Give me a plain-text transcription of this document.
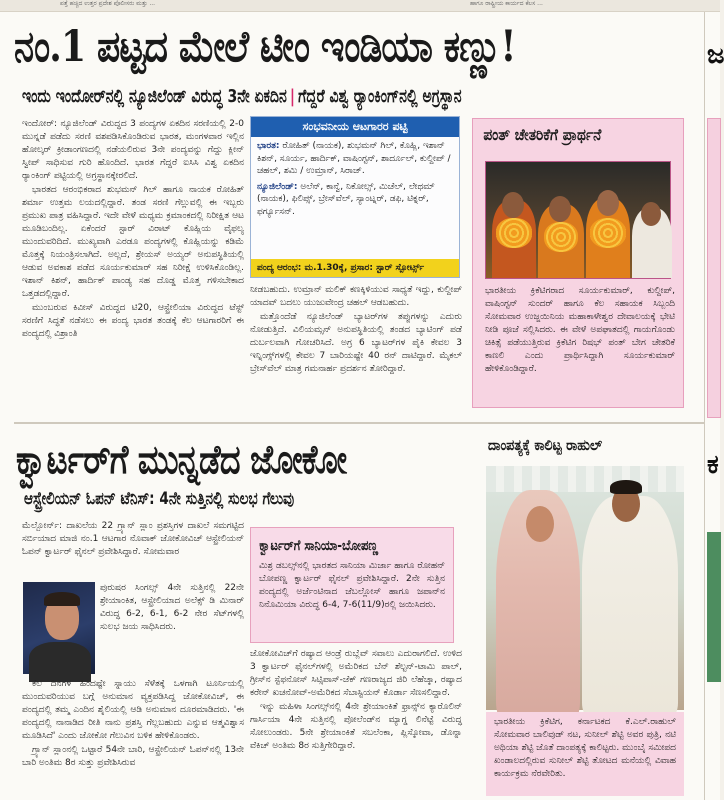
ಪತ್ತೆ ಹಚ್ಚಿದ ಉತ್ತರ ಪ್ರದೇಶ ಪೊಲೀಸರು ಮತ್ತು ...	ಹಾಗೂ ರಾಷ್ಟ್ರೀಯ ಕಾರ್ಯದ ಕೆಲಸ ...
ನಂ.1 ಪಟ್ಟದ ಮೇಲೆ ಟೀಂ ಇಂಡಿಯಾ ಕಣ್ಣು!
ಇಂದು ಇಂದೋರ್‌ನಲ್ಲಿ ನ್ಯೂಜಿಲೆಂಡ್ ವಿರುದ್ಧ 3ನೇ ಏಕದಿನ | ಗೆದ್ದರೆ ವಿಶ್ವ ರ‍್ಯಾಂಕಿಂಗ್‌ನಲ್ಲಿ ಅಗ್ರಸ್ಥಾನ

ಇಂದೋರ್: ನ್ಯೂಜಿಲೆಂಡ್ ವಿರುದ್ಧದ 3 ಪಂದ್ಯಗಳ ಏಕದಿನ ಸರಣಿಯಲ್ಲಿ 2-0 ಮುನ್ನಡೆ ಪಡೆದು ಸರಣಿ ವಶಪಡಿಸಿಕೊಂಡಿರುವ ಭಾರತ, ಮಂಗಳವಾರ ಇಲ್ಲಿನ ಹೋಲ್ಕರ್ ಕ್ರೀಡಾಂಗಣದಲ್ಲಿ ನಡೆಯಲಿರುವ 3ನೇ ಪಂದ್ಯವನ್ನು ಗೆದ್ದು ಕ್ಲೀನ್ ಸ್ವೀಪ್ ಸಾಧಿಸುವ ಗುರಿ ಹೊಂದಿದೆ. ಭಾರತ ಗೆದ್ದರೆ ಐಸಿಸಿ ವಿಶ್ವ ಏಕದಿನ ರ‍್ಯಾಂಕಿಂಗ್ ಪಟ್ಟಿಯಲ್ಲಿ ಅಗ್ರಸ್ಥಾನಕ್ಕೇರಲಿದೆ.

ಭಾರತದ ಆರಂಭಿಕರಾದ ಶುಭಮನ್ ಗಿಲ್ ಹಾಗೂ ನಾಯಕ ರೋಹಿತ್ ಶರ್ಮಾ ಉತ್ತಮ ಲಯದಲ್ಲಿದ್ದಾರೆ. ತಂಡ ಸರಣಿ ಗೆಲ್ಲುವಲ್ಲಿ ಈ ಇಬ್ಬರು ಪ್ರಮುಖ ಪಾತ್ರ ವಹಿಸಿದ್ದಾರೆ. ಇದೇ ವೇಳೆ ಮಧ್ಯಮ ಕ್ರಮಾಂಕದಲ್ಲಿ ನಿರೀಕ್ಷಿತ ಆಟ ಮೂಡಿಬಂದಿಲ್ಲ. ಏಕೆಂದರೆ ಸ್ಟಾರ್ ವಿರಾಟ್ ಕೊಹ್ಲಿಯ ವೈಫಲ್ಯ ಮುಂದುವರಿದಿದೆ. ಮುಖ್ಯವಾಗಿ ಎರಡೂ ಪಂದ್ಯಗಳಲ್ಲಿ ಕೊಹ್ಲಿಯನ್ನು ಕಡಿಮೆ ಮೊತ್ತಕ್ಕೆ ನಿಯಂತ್ರಿಸಲಾಗಿದೆ. ಅಲ್ಲದೆ, ಶ್ರೇಯಸ್ ಅಯ್ಯರ್ ಅನುಪಸ್ಥಿತಿಯಲ್ಲಿ ಆಡುವ ಅವಕಾಶ ಪಡೆದ ಸೂರ್ಯಕುಮಾರ್ ಸಹ ನಿರೀಕ್ಷೆ ಉಳಿಸಿಕೊಂಡಿಲ್ಲ. ಇಶಾನ್ ಕಿಶನ್, ಹಾರ್ದಿಕ್ ಪಾಂಡ್ಯ ಸಹ ದೊಡ್ಡ ಮೊತ್ತ ಗಳಿಸಬೇಕಾದ ಒತ್ತಡದಲ್ಲಿದ್ದಾರೆ.

ಮುಂಬರುವ ಕಿವೀಸ್ ವಿರುದ್ಧದ ಟಿ20, ಆಸ್ಟ್ರೇಲಿಯಾ ವಿರುದ್ಧದ ಟೆಸ್ಟ್ ಸರಣಿಗೆ ಸಿದ್ಧತೆ ನಡೆಸಲು ಈ ಪಂದ್ಯ ಭಾರತ ತಂಡಕ್ಕೆ ಕೆಲ ಆಟಗಾರರಿಗೆ ಈ ಪಂದ್ಯದಲ್ಲಿ ವಿಶ್ರಾಂತಿ

ಸಂಭವನೀಯ ಆಟಗಾರರ ಪಟ್ಟಿ
ಭಾರತ: ರೋಹಿತ್ (ನಾಯಕ), ಶುಭಮನ್ ಗಿಲ್, ಕೊಹ್ಲಿ, ಇಶಾನ್ ಕಿಶನ್, ಸೂರ್ಯ, ಹಾರ್ದಿಕ್, ವಾಷಿಂಗ್ಟನ್, ಶಾರ್ದೂಲ್, ಕುಲ್ದೀಪ್ / ಚಹಲ್, ಶಮಿ / ಉಮ್ರಾನ್, ಸಿರಾಜ್.
ನ್ಯೂಜಿಲೆಂಡ್: ಅಲೆನ್, ಕಾನ್ವೆ, ನಿಕೋಲ್ಸ್, ಮಿಚೆಲ್, ಲೇಥಮ್ (ನಾಯಕ), ಫಿಲಿಪ್ಸ್, ಬ್ರೇಸ್‌ವೆಲ್, ಸ್ಯಾಂಟ್ನರ್, ಡಫಿ, ಟಿಕ್ನರ್, ಫರ್ಗ್ಯೂಸನ್.
ಪಂದ್ಯ ಆರಂಭ: ಮ.1.30ಕ್ಕೆ, ಪ್ರಸಾರ: ಸ್ಟಾರ್ ಸ್ಪೋರ್ಟ್ಸ್

ನೀಡಬಹುದು. ಉಮ್ರಾನ್ ಮಲಿಕ್ ಕಣಕ್ಕಿಳಿಯುವ ಸಾಧ್ಯತೆ ಇದ್ದು, ಕುಲ್ದೀಪ್ ಯಾದವ್ ಬದಲು ಯುಜುವೇಂದ್ರ ಚಹಲ್ ಆಡಬಹುದು.

ಮತ್ತೊಂದೆಡೆ ನ್ಯೂಜಿಲೆಂಡ್ ಬ್ಯಾಟರ್‌ಗಳ ತಪ್ಪುಗಳನ್ನು ಎದುರು ನೋಡುತ್ತಿದೆ. ವಿಲಿಯಮ್ಸನ್ ಅನುಪಸ್ಥಿತಿಯಲ್ಲಿ ತಂಡದ ಬ್ಯಾಟಿಂಗ್ ಪಡೆ ದುರ್ಬಲವಾಗಿ ಗೋಚರಿಸಿದೆ. ಅಗ್ರ 6 ಬ್ಯಾಟರ್‌ಗಳ ಪೈಕಿ ಕೇವಲ 3 ಇನ್ನಿಂಗ್ಸ್‌ಗಳಲ್ಲಿ ಕೇವಲ 7 ಬಾರಿಯಷ್ಟೇ 40 ರನ್ ದಾಟಿದ್ದಾರೆ. ಮೈಕಲ್ ಬ್ರೇಸ್‌ವೆಲ್ ಮಾತ್ರ ಗಮನಾರ್ಹ ಪ್ರದರ್ಶನ ತೋರಿದ್ದಾರೆ.

ಪಂತ್ ಚೇತರಿಕೆಗೆ ಪ್ರಾರ್ಥನೆ
ಭಾರತೀಯ ಕ್ರಿಕೆಟಿಗರಾದ ಸೂರ್ಯಕುಮಾರ್, ಕುಲ್ದೀಪ್, ವಾಷಿಂಗ್ಟನ್ ಸುಂದರ್ ಹಾಗೂ ಕೆಲ ಸಹಾಯಕ ಸಿಬ್ಬಂದಿ ಸೋಮವಾರ ಉಜ್ಜಯಿನಿಯ ಮಹಾಕಾಳೇಶ್ವರ ದೇವಾಲಯಕ್ಕೆ ಭೇಟಿ ನೀಡಿ ಪೂಜೆ ಸಲ್ಲಿಸಿದರು. ಈ ವೇಳೆ ಅಪಘಾತದಲ್ಲಿ ಗಾಯಗೊಂಡು ಚಿಕಿತ್ಸೆ ಪಡೆಯುತ್ತಿರುವ ಕ್ರಿಕೆಟಿಗ ರಿಷಭ್ ಪಂತ್ ಬೇಗ ಚೇತರಿಕೆ ಕಾಣಲಿ ಎಂದು ಪ್ರಾರ್ಥಿಸಿದ್ದಾಗಿ ಸೂರ್ಯಕುಮಾರ್ ಹೇಳಿಕೊಂಡಿದ್ದಾರೆ.
ಕ್ವಾರ್ಟರ್‌ಗೆ ಮುನ್ನಡೆದ ಜೋಕೋ
ಆಸ್ಟ್ರೇಲಿಯನ್ ಓಪನ್ ಟೆನಿಸ್: 4ನೇ ಸುತ್ತಿನಲ್ಲಿ ಸುಲಭ ಗೆಲುವು
ಮೆಲ್ಬೋರ್ನ್: ದಾಖಲೆಯ 22 ಗ್ರ್ಯಾನ್ ಸ್ಲಾಂ ಪ್ರಶಸ್ತಿಗಳ ದಾಖಲೆ ಸಮಗಟ್ಟಿದ ಸರ್ಬಿಯಾದ ಮಾಜಿ ನಂ.1 ಆಟಗಾರ ನೊವಾಕ್ ಜೋಕೋವಿಚ್ ಆಸ್ಟ್ರೇಲಿಯನ್ ಓಪನ್ ಕ್ವಾರ್ಟರ್ ಫೈನಲ್ ಪ್ರವೇಶಿಸಿದ್ದಾರೆ. ಸೋಮವಾರ
ಪುರುಷರ ಸಿಂಗಲ್ಸ್ 4ನೇ ಸುತ್ತಿನಲ್ಲಿ 22ನೇ ಶ್ರೇಯಾಂಕಿತ, ಆಸ್ಟ್ರೇಲಿಯಾದ ಅಲೆಕ್ಸ್ ಡಿ ಮಿನಾರ್ ವಿರುದ್ಧ 6-2, 6-1, 6-2 ನೇರ ಸೆಟ್‌ಗಳಲ್ಲಿ ಸುಲಭ ಜಯ ಸಾಧಿಸಿದರು.

ಕೆಲ ದಿನಗಳ ಹಿಂದಷ್ಟೇ ಸ್ನಾಯು ಸೆಳೆತಕ್ಕೆ ಒಳಗಾಗಿ ಟೂರ್ನಿಯಲ್ಲಿ ಮುಂದುವರಿಯುವ ಬಗ್ಗೆ ಅನುಮಾನ ವ್ಯಕ್ತಪಡಿಸಿದ್ದ ಜೋಕೋವಿಚ್, ಈ ಪಂದ್ಯದಲ್ಲಿ ತಮ್ಮ ಎಂದಿನ ಶೈಲಿಯಲ್ಲಿ ಆಡಿ ಅನುಮಾನ ದೂರಮಾಡಿದರು. 'ಈ ಪಂದ್ಯದಲ್ಲಿ ನಾನಾಡಿದ ರೀತಿ ನಾನು ಪ್ರಶಸ್ತಿ ಗೆಲ್ಲಬಹುದು ಎನ್ನುವ ಆತ್ಮವಿಶ್ವಾಸ ಮೂಡಿಸಿದೆ' ಎಂದು ಜೋಕೋ ಗೆಲುವಿನ ಬಳಿಕ ಹೇಳಿಕೊಂಡರು.

ಗ್ರ್ಯಾನ್ ಸ್ಲಾಂನಲ್ಲಿ ಒಟ್ಟಾರೆ 54ನೇ ಬಾರಿ, ಆಸ್ಟ್ರೇಲಿಯನ್ ಓಪನ್‌ನಲ್ಲಿ 13ನೇ ಬಾರಿ ಅಂತಿಮ 8ರ ಸುತ್ತು ಪ್ರವೇಶಿಸಿರುವ

ಕ್ವಾರ್ಟರ್‌ಗೆ ಸಾನಿಯಾ-ಬೋಪಣ್ಣ
ಮಿಶ್ರ ಡಬಲ್ಸ್‌ನಲ್ಲಿ ಭಾರತದ ಸಾನಿಯಾ ಮಿರ್ಜಾ ಹಾಗೂ ರೋಹನ್ ಬೋಪಣ್ಣ ಕ್ವಾರ್ಟರ್ ಫೈನಲ್ ಪ್ರವೇಶಿಸಿದ್ದಾರೆ. 2ನೇ ಸುತ್ತಿನ ಪಂದ್ಯದಲ್ಲಿ ಅರ್ಜೆಂಟಿನಾದ ಜೆಬಲ್ಲೋಸ್ ಹಾಗೂ ಜಪಾನ್‌ನ ನಿನೊಮಿಯಾ ವಿರುದ್ಧ 6-4, 7-6(11/9)ರಲ್ಲಿ ಜಯಿಸಿದರು.

ಜೋಕೋವಿಚ್‌ಗೆ ರಷ್ಯಾದ ಆಂಡ್ರೆ ರುಬ್ಲೆವ್ ಸವಾಲು ಎದುರಾಗಲಿದೆ. ಉಳಿದ 3 ಕ್ವಾರ್ಟರ್ ಫೈನಲ್‌ಗಳಲ್ಲಿ ಅಮೆರಿಕದ ಬೆನ್ ಶೆಲ್ಟನ್-ಟಾಮಿ ಪಾಲ್, ಗ್ರೀಸ್‌ನ ಸ್ಟೆಫನೋಸ್ ಸಿಟ್ಸಿಪಾಸ್-ಜೆಕ್ ಗಣರಾಜ್ಯದ ಜಿರಿ ಲೆಹೆಚ್ಕಾ, ರಷ್ಯಾದ ಕರೇನ್ ಖಚನೋವ್-ಅಮೆರಿಕದ ಸೆಬಾಸ್ಟಿಯನ್ ಕೊರ್ಡಾ ಸೆಣಸಲಿದ್ದಾರೆ.

ಇನ್ನು ಮಹಿಳಾ ಸಿಂಗಲ್ಸ್‌ನಲ್ಲಿ 4ನೇ ಶ್ರೇಯಾಂಕಿತೆ ಫ್ರಾನ್ಸ್‌ನ ಕ್ಯಾರೊಲಿನ್ ಗಾರ್ಸಿಯಾ 4ನೇ ಸುತ್ತಿನಲ್ಲಿ ಪೋಲೆಂಡ್‌ನ ಮ್ಯಾಗ್ಡ ಲಿನೆಟ್ಟೆ ವಿರುದ್ಧ ಸೋಲುಂಡರು. 5ನೇ ಶ್ರೇಯಾಂಕಿತೆ ಸಬಲೆಂಕಾ, ಪ್ಲಿಸ್ಕೋವಾ, ಡೊನ್ನಾ ವೆಕಿಚ್ ಅಂತಿಮ 8ರ ಸುತ್ತಿಗೇರಿದ್ದಾರೆ.

ದಾಂಪತ್ಯಕ್ಕೆ ಕಾಲಿಟ್ಟ ರಾಹುಲ್
ಭಾರತೀಯ ಕ್ರಿಕೆಟಿಗ, ಕರ್ನಾಟಕದ ಕೆ.ಎಲ್.ರಾಹುಲ್ ಸೋಮವಾರ ಬಾಲಿವುಡ್ ನಟ, ಸುನೀಲ್ ಶೆಟ್ಟಿ ಅವರ ಪುತ್ರಿ, ನಟಿ ಅಥಿಯಾ ಶೆಟ್ಟಿ ಜೊತೆ ದಾಂಪತ್ಯಕ್ಕೆ ಕಾಲಿಟ್ಟರು. ಮುಂಬೈ ಸಮೀಪದ ಖಂಡಾಲದಲ್ಲಿರುವ ಸುನೀಲ್ ಶೆಟ್ಟಿ ತೋಟದ ಮನೆಯಲ್ಲಿ ವಿವಾಹ ಕಾರ್ಯಕ್ರಮ ನೆರವೇರಿತು.
ಜ
ಕ
